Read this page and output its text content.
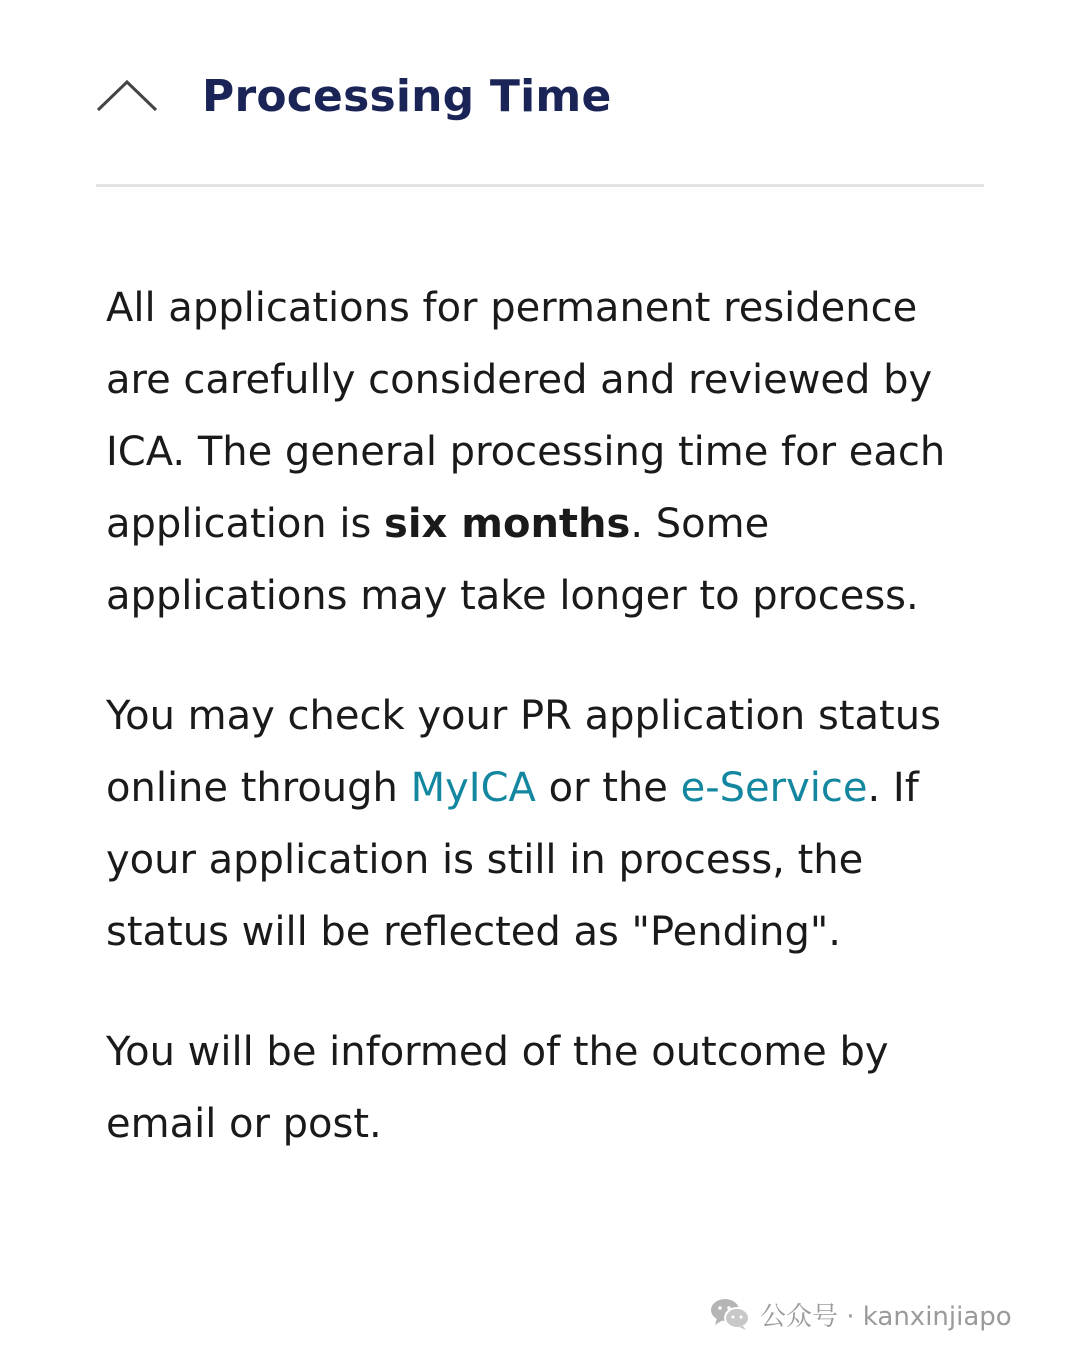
Processing Time

All applications for permanent residence are carefully considered and reviewed by ICA. The general processing time for each application is six months. Some applications may take longer to process.

You may check your PR application status online through MyICA or the e-Service. If your application is still in process, the status will be reflected as "Pending".

You will be informed of the outcome by email or post.

公众号 · kanxinjiapo
